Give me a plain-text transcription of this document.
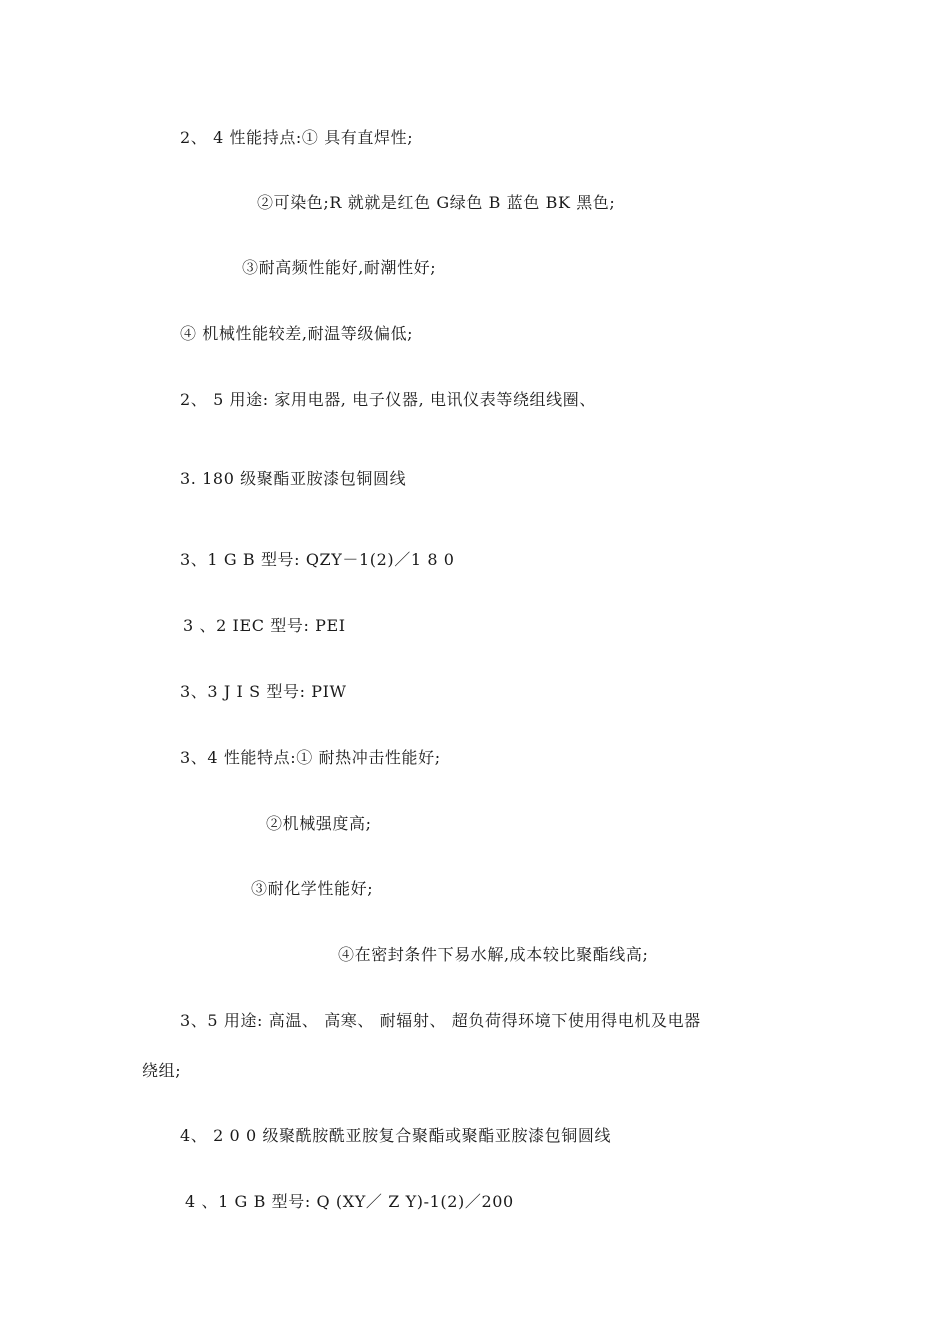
2、 4 性能持点:① 具有直焊性;
②可染色;R 就就是红色 G绿色 B 蓝色 BK 黑色;
③耐高频性能好,耐潮性好;
④ 机械性能较差,耐温等级偏低;
2、 5 用途: 家用电器, 电子仪器, 电讯仪表等绕组线圈、
3. 180 级聚酯亚胺漆包铜圆线
3、1 G B 型号: QZY－1(2)／1 8 0
3 、2 IEC 型号: PEI
3、3 J Ⅰ S 型号: PIW
3、4 性能特点:① 耐热冲击性能好;
②机械强度高;
③耐化学性能好;
④在密封条件下易水解,成本较比聚酯线高;
3、5 用途: 高温、 高寒、 耐辐射、 超负荷得环境下使用得电机及电器
绕组;
4、 2 0 0 级聚酰胺酰亚胺复合聚酯或聚酯亚胺漆包铜圆线
4 、1 G B 型号: Q (XY／ Z Y)-1(2)／200
